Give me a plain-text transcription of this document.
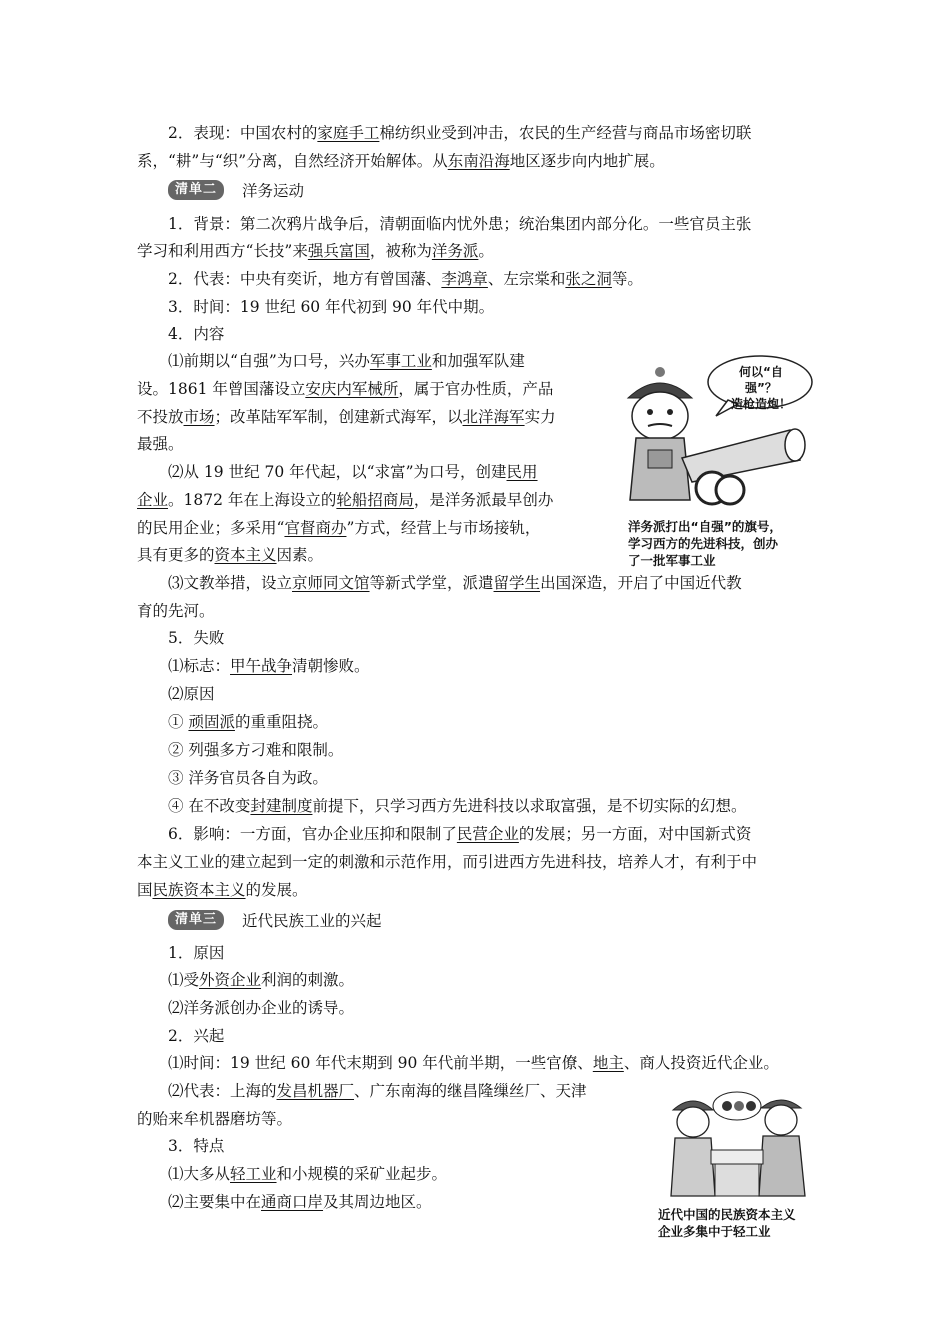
2．表现：中国农村的家庭手工棉纺织业受到冲击，农民的生产经营与商品市场密切联
系，“耕”与“织”分离，自然经济开始解体。从东南沿海地区逐步向内地扩展。
清单二	洋务运动
1．背景：第二次鸦片战争后，清朝面临内忧外患；统治集团内部分化。一些官员主张
学习和利用西方“长技”来强兵富国，被称为洋务派。
2．代表：中央有奕䜣，地方有曾国藩、李鸿章、左宗棠和张之洞等。
3．时间：19 世纪 60 年代初到 90 年代中期。
4．内容
⑴前期以“自强”为口号，兴办军事工业和加强军队建
设。1861 年曾国藩设立安庆内军械所，属于官办性质，产品
不投放市场；改革陆军军制，创建新式海军，以北洋海军实力
最强。
⑵从 19 世纪 70 年代起，以“求富”为口号，创建民用
企业。1872 年在上海设立的轮船招商局，是洋务派最早创办
的民用企业；多采用“官督商办”方式，经营上与市场接轨，
具有更多的资本主义因素。
⑶文教举措，设立京师同文馆等新式学堂，派遣留学生出国深造，开启了中国近代教
育的先河。
何以“自强”？
造枪造炮！
洋务派打出“自强”的旗号，
学习西方的先进科技，创办
了一批军事工业
5．失败
⑴标志：甲午战争清朝惨败。
⑵原因
① 顽固派的重重阻挠。
② 列强多方刁难和限制。
③ 洋务官员各自为政。
④ 在不改变封建制度前提下，只学习西方先进科技以求取富强，是不切实际的幻想。
6．影响：一方面，官办企业压抑和限制了民营企业的发展；另一方面，对中国新式资
本主义工业的建立起到一定的刺激和示范作用，而引进西方先进科技，培养人才，有利于中
国民族资本主义的发展。
清单三	近代民族工业的兴起
1．原因
⑴受外资企业利润的刺激。
⑵洋务派创办企业的诱导。
2．兴起
⑴时间：19 世纪 60 年代末期到 90 年代前半期，一些官僚、地主、商人投资近代企业。
⑵代表：上海的发昌机器厂、广东南海的继昌隆缫丝厂、天津
的贻来牟机器磨坊等。
3．特点
⑴大多从轻工业和小规模的采矿业起步。
⑵主要集中在通商口岸及其周边地区。
近代中国的民族资本主义
企业多集中于轻工业
